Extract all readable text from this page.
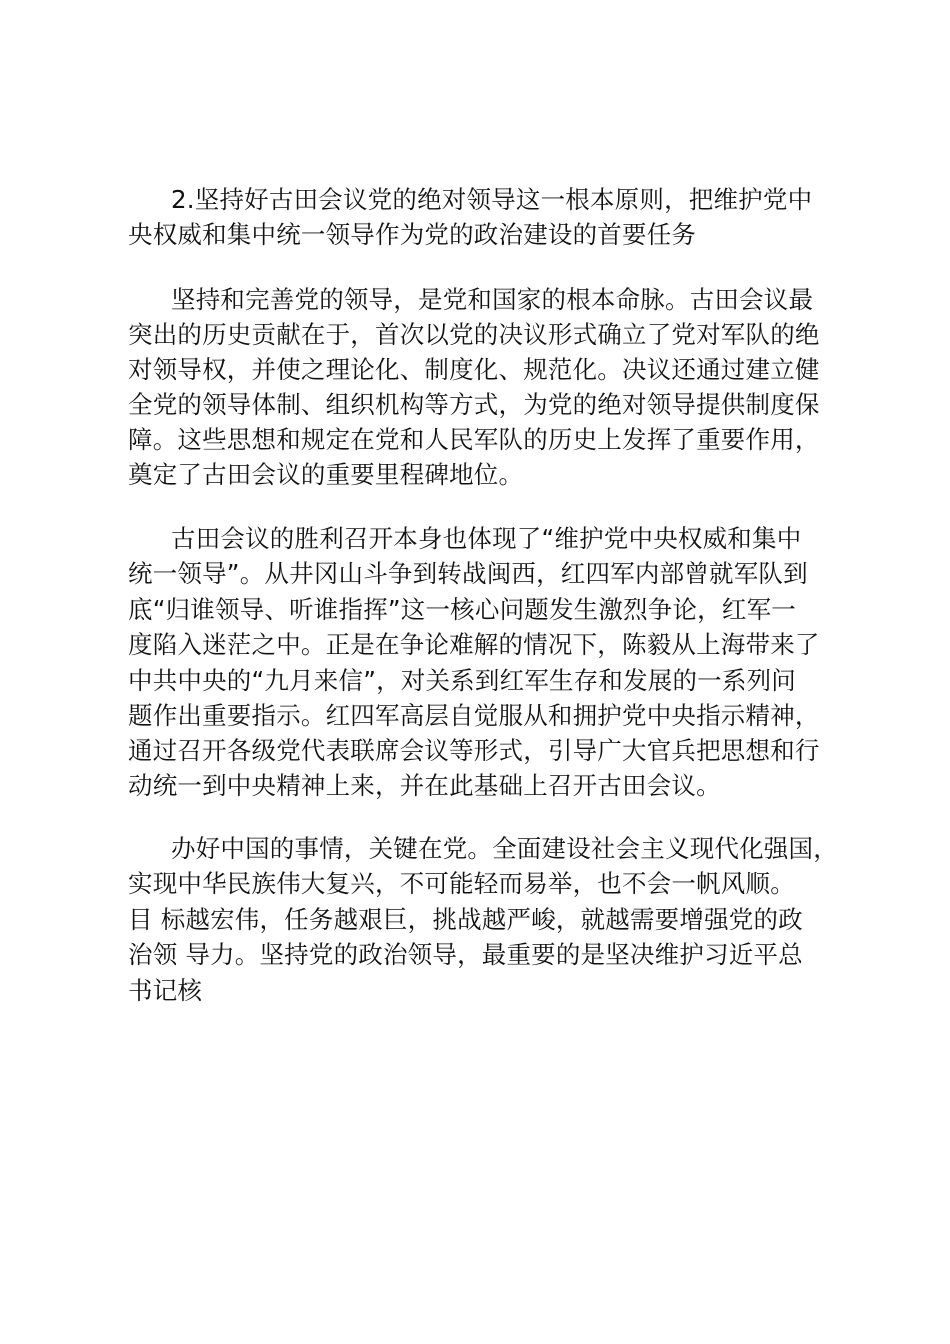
2.坚持好古田会议党的绝对领导这一根本原则，把维护党中
央权威和集中统一领导作为党的政治建设的首要任务
坚持和完善党的领导，是党和国家的根本命脉。古田会议最
突出的历史贡献在于，首次以党的决议形式确立了党对军队的绝
对领导权，并使之理论化、制度化、规范化。决议还通过建立健
全党的领导体制、组织机构等方式，为党的绝对领导提供制度保
障。这些思想和规定在党和人民军队的历史上发挥了重要作用，
奠定了古田会议的重要里程碑地位。
古田会议的胜利召开本身也体现了“维护党中央权威和集中
统一领导”。从井冈山斗争到转战闽西，红四军内部曾就军队到
底“归谁领导、听谁指挥”这一核心问题发生激烈争论，红军一
度陷入迷茫之中。正是在争论难解的情况下，陈毅从上海带来了
中共中央的“九月来信”，对关系到红军生存和发展的一系列问
题作出重要指示。红四军高层自觉服从和拥护党中央指示精神，
通过召开各级党代表联席会议等形式，引导广大官兵把思想和行
动统一到中央精神上来，并在此基础上召开古田会议。
办好中国的事情，关键在党。全面建设社会主义现代化强国，
实现中华民族伟大复兴，不可能轻而易举，也不会一帆风顺。
目 标越宏伟，任务越艰巨，挑战越严峻，就越需要增强党的政
治领 导力。坚持党的政治领导，最重要的是坚决维护习近平总
书记核
